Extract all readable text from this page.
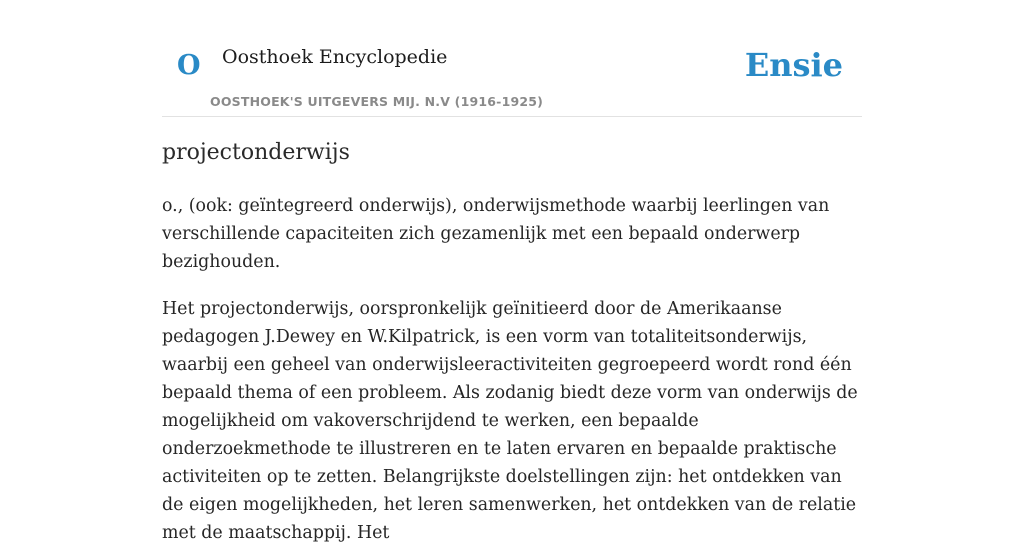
O Oosthoek Encyclopedie
OOSTHOEK'S UITGEVERS MIJ. N.V (1916-1925)
Ensie
projectonderwijs

o., (ook: geïntegreerd onderwijs), onderwijsmethode waarbij leerlingen van verschillende capaciteiten zich gezamenlijk met een bepaald onderwerp bezighouden.

Het projectonderwijs, oorspronkelijk geïnitieerd door de Amerikaanse pedagogen J.Dewey en W.Kilpatrick, is een vorm van totaliteitsonderwijs, waarbij een geheel van onderwijsleeractiviteiten gegroepeerd wordt rond één bepaald thema of een probleem. Als zodanig biedt deze vorm van onderwijs de mogelijkheid om vakoverschrijdend te werken, een bepaalde onderzoekmethode te illustreren en te laten ervaren en bepaalde praktische activiteiten op te zetten. Belangrijkste doelstellingen zijn: het ontdekken van de eigen mogelijkheden, het leren samenwerken, het ontdekken van de relatie met de maatschappij. Het
